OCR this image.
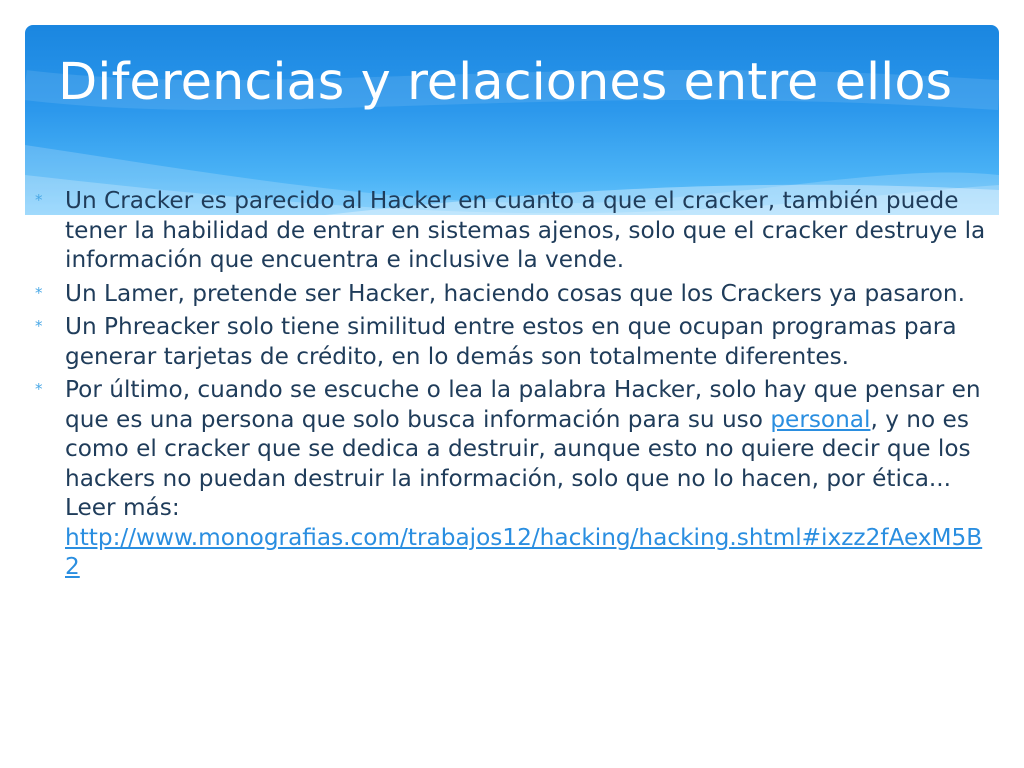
Diferencias y relaciones entre ellos
* Un Cracker es parecido al Hacker en cuanto a que el cracker, también puede tener la habilidad de entrar en sistemas ajenos, solo que el cracker destruye la información que encuentra e inclusive la vende.
* Un Lamer, pretende ser Hacker, haciendo cosas que los Crackers ya pasaron.
* Un Phreacker solo tiene similitud entre estos en que ocupan programas para generar tarjetas de crédito, en lo demás son totalmente diferentes.
* Por último, cuando se escuche o lea la palabra Hacker, solo hay que pensar en que es una persona que solo busca información para su uso personal, y no es como el cracker que se dedica a destruir, aunque esto no quiere decir que los hackers no puedan destruir la información, solo que no lo hacen, por ética...
Leer más:
http://www.monografias.com/trabajos12/hacking/hacking.shtml#ixzz2fAexM5B2
